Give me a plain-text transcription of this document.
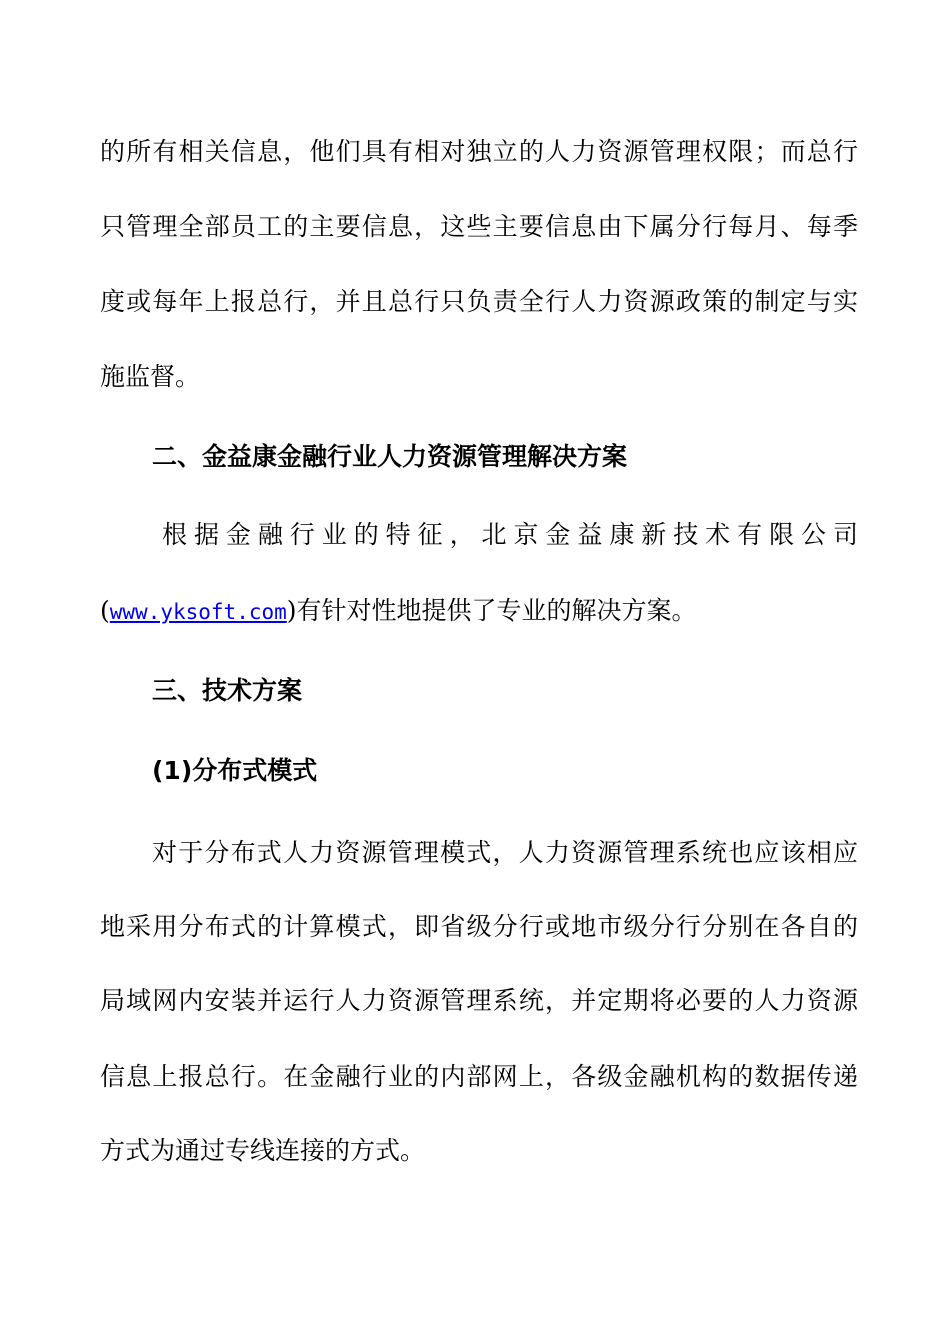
的所有相关信息，他们具有相对独立的人力资源管理权限；而总行
只管理全部员工的主要信息，这些主要信息由下属分行每月、每季
度或每年上报总行，并且总行只负责全行人力资源政策的制定与实
施监督。
二、金益康金融行业人力资源管理解决方案
根据金融行业的特征，北京金益康新技术有限公司
(www.yksoft.com)有针对性地提供了专业的解决方案。
三、技术方案
(1)分布式模式
对于分布式人力资源管理模式，人力资源管理系统也应该相应
地采用分布式的计算模式，即省级分行或地市级分行分别在各自的
局域网内安装并运行人力资源管理系统，并定期将必要的人力资源
信息上报总行。在金融行业的内部网上，各级金融机构的数据传递
方式为通过专线连接的方式。
